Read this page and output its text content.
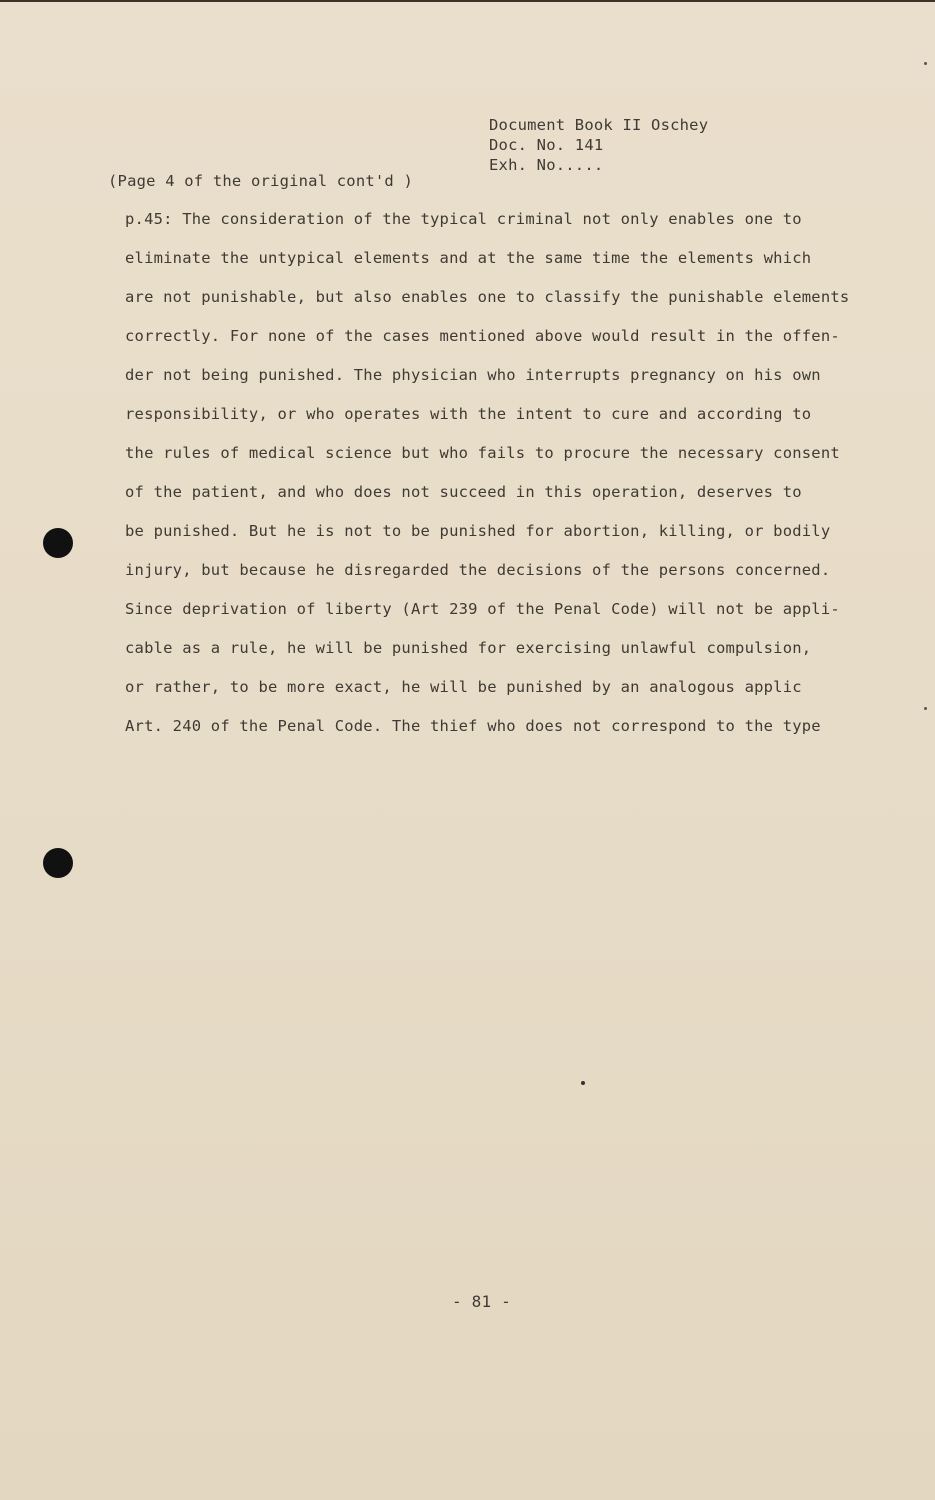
Document Book II Oschey
Doc. No. 141
Exh. No.....
(Page 4 of the original cont'd )
p.45: The consideration of the typical criminal not only enables one to
eliminate the untypical elements and at the same time the elements which
are not punishable, but also enables one to classify the punishable elements
correctly. For none of the cases mentioned above would result in the offen-
der not being punished. The physician who interrupts pregnancy on his own
responsibility, or who operates with the intent to cure and according to
the rules of medical science but who fails to procure the necessary consent
of the patient, and who does not succeed in this operation, deserves to
be punished. But he is not to be punished for abortion, killing, or bodily
injury, but because he disregarded the decisions of the persons concerned.
Since deprivation of liberty (Art 239 of the Penal Code) will not be appli-
cable as a rule, he will be punished for exercising unlawful compulsion,
or rather, to be more exact, he will be punished by an analogous applic
Art. 240 of the Penal Code. The thief who does not correspond to the type
- 81 -
